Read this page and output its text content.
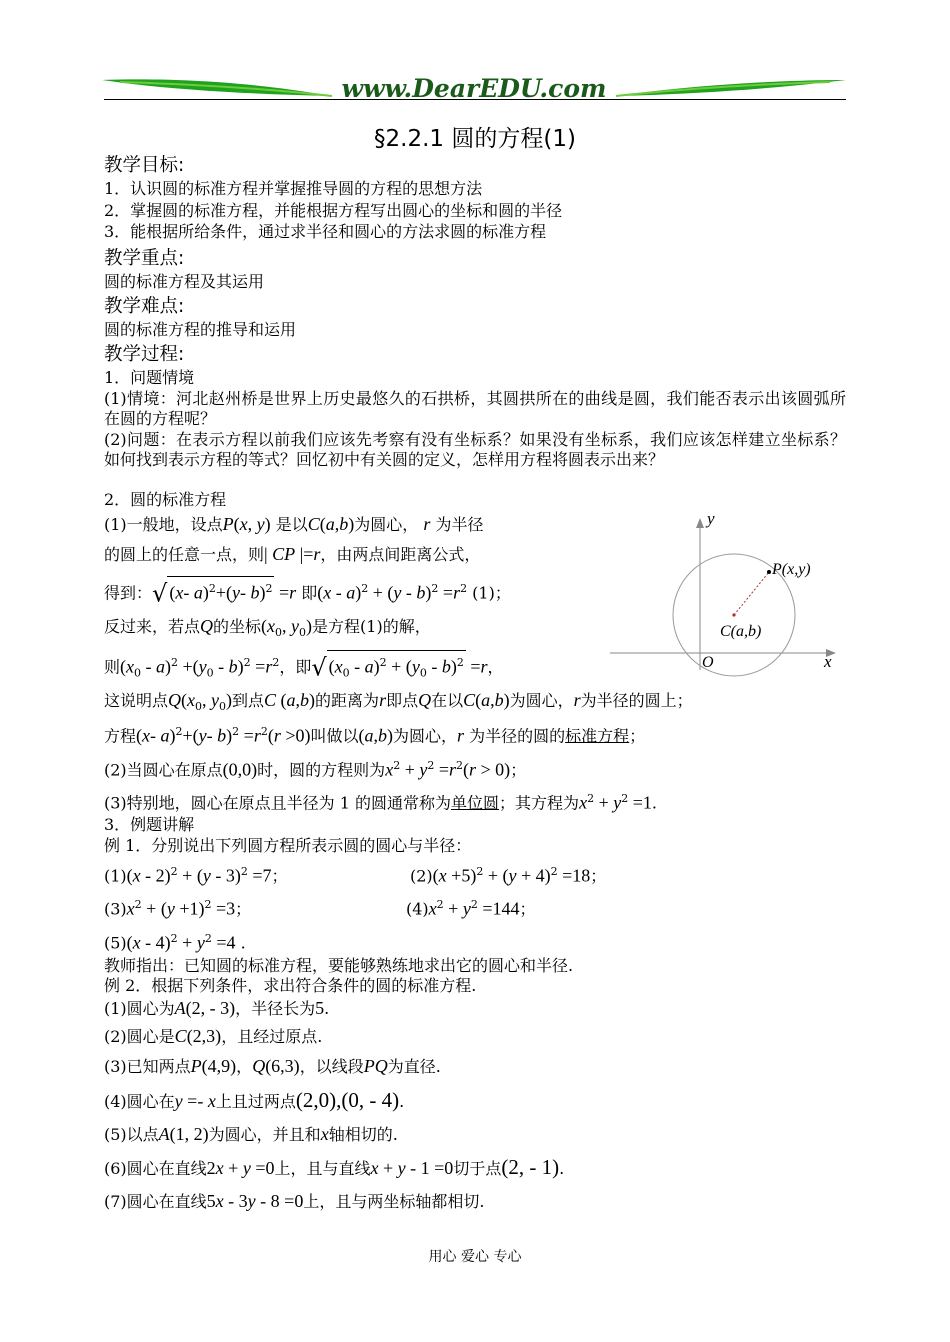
www.DearEDU.com
§2.2.1 圆的方程(1)
教学目标:
1．认识圆的标准方程并掌握推导圆的方程的思想方法
2．掌握圆的标准方程，并能根据方程写出圆心的坐标和圆的半径
3．能根据所给条件，通过求半径和圆心的方法求圆的标准方程
教学重点:
圆的标准方程及其运用
教学难点:
圆的标准方程的推导和运用
教学过程:
1．问题情境
(1)情境：河北赵州桥是世界上历史最悠久的石拱桥，其圆拱所在的曲线是圆，我们能否表示出该圆弧所在圆的方程呢？
(2)问题：在表示方程以前我们应该先考察有没有坐标系？如果没有坐标系，我们应该怎样建立坐标系？如何找到表示方程的等式？回忆初中有关圆的定义，怎样用方程将圆表示出来？
2．圆的标准方程
(1)一般地，设点P(x, y) 是以C(a,b)为圆心， r 为半径
的圆上的任意一点，则| CP |=r，由两点间距离公式，
得到：√ (x- a)$^2$+(y- b)$^2$ =r 即$(x - a)^2 + (y - b)^2 =r^2$ (1)；
反过来，若点Q的坐标($x_0$, $y_0$)是方程(1)的解，
则$(x_0 - a)^2 +(y_0 - b)^2 =r^2$，即√ $(x_0 - a)^2 + (y_0 - b)^2 =r$，
这说明点$Q(x_0$, $y_0$)到点C (a,b)的距离为r即点Q在以C(a,b)为圆心，r为半径的圆上；
方程(x- a)$^2$+(y- $b)^2 =r^2(r >0)$叫做以(a,b)为圆心，r 为半径的圆的标准方程；
(2)当圆心在原点(0,0)时，圆的方程则为$x^2 + y^2 =r^2(r > 0)$；
(3)特别地，圆心在原点且半径为 1 的圆通常称为单位圆；其方程为$x^2 + y^2 =1$.
3．例题讲解
例 1．分别说出下列圆方程所表示圆的圆心与半径：
(1)(x - 2)$^2$ + (y - 3)$^2$ =7；	$(2)(x +5)^2 + (y + 4)^2 =18$；
$(3)x^2 + (y +1)^2 =3$；	$(4)x^2 + y^2 =144$；
$(5)(x - 4)^2 + y^2 =4$ .
教师指出：已知圆的标准方程，要能够熟练地求出它的圆心和半径.
例 2．根据下列条件，求出符合条件的圆的标准方程.
(1)圆心为A(2, - 3)，半径长为5.
(2)圆心是C(2,3)，且经过原点.
(3)已知两点P(4,9)，Q(6,3)，以线段PQ为直径.
(4)圆心在y =- x上且过两点(2,0),(0, - 4).
(5)以点A(1, 2)为圆心，并且和x轴相切的.
(6)圆心在直线2x + y =0上，且与直线x + y - 1 =0切于点(2, - 1).
(7)圆心在直线5x - 3y - 8 =0上，且与两坐标轴都相切.
y
x
O
P(x,y)
C(a,b)
用心 爱心 专心
